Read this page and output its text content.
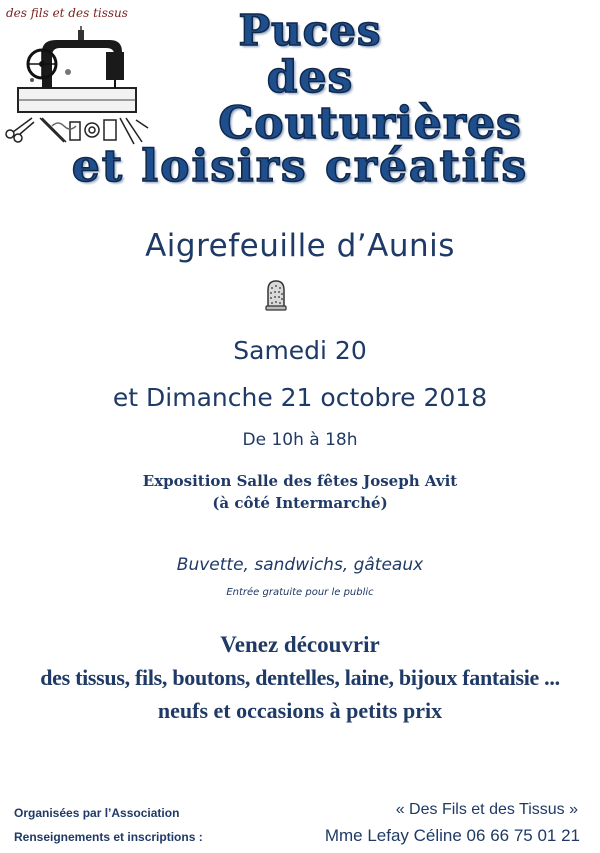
des fils et des tissus	Puces
des
Couturières
et loisirs créatifs
Aigrefeuille d’Aunis
Samedi 20
et Dimanche 21 octobre 2018
De 10h à 18h
Exposition Salle des fêtes Joseph Avit
(à côté Intermarché)
Buvette, sandwichs, gâteaux
Entrée gratuite pour le public
Venez découvrir
des tissus, fils, boutons, dentelles, laine, bijoux fantaisie ...
neufs et occasions à petits prix
Organisées par l’Association
Renseignements et inscriptions :
« Des Fils et des Tissus »
Mme Lefay Céline 06 66 75 01 21
